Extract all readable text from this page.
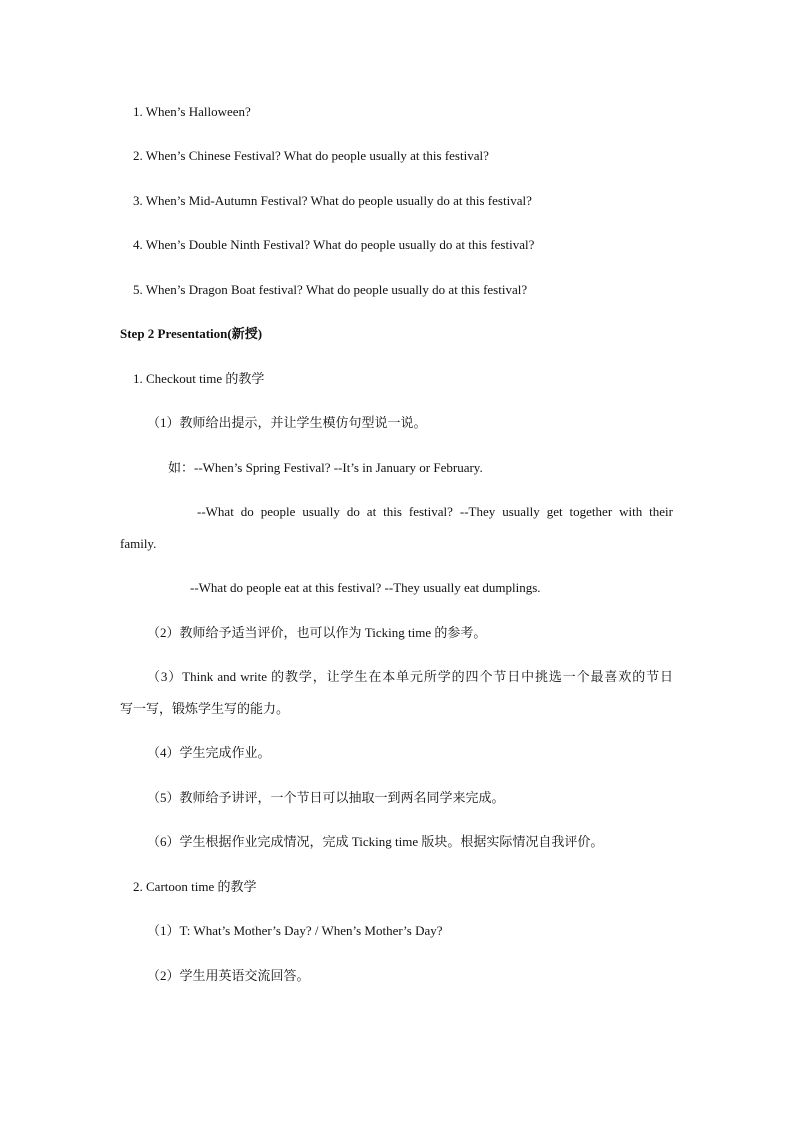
1. When’s Halloween?
2. When’s Chinese Festival? What do people usually at this festival?
3. When’s Mid-Autumn Festival? What do people usually do at this festival?
4. When’s Double Ninth Festival? What do people usually do at this festival?
5. When’s Dragon Boat festival? What do people usually do at this festival?
Step 2 Presentation(新授)
1. Checkout time 的教学
（1）教师给出提示，并让学生模仿句型说一说。
如：--When’s Spring Festival? --It’s in January or February.
--What do people usually do at this festival? --They usually get together with their
family.
--What do people eat at this festival? --They usually eat dumplings.
（2）教师给予适当评价，也可以作为 Ticking time 的参考。
（3）Think and write 的教学，让学生在本单元所学的四个节日中挑选一个最喜欢的节日
写一写，锻炼学生写的能力。
（4）学生完成作业。
（5）教师给予讲评，一个节日可以抽取一到两名同学来完成。
（6）学生根据作业完成情况，完成 Ticking time 版块。根据实际情况自我评价。
2. Cartoon time 的教学
（1）T: What’s Mother’s Day? / When’s Mother’s Day?
（2）学生用英语交流回答。
